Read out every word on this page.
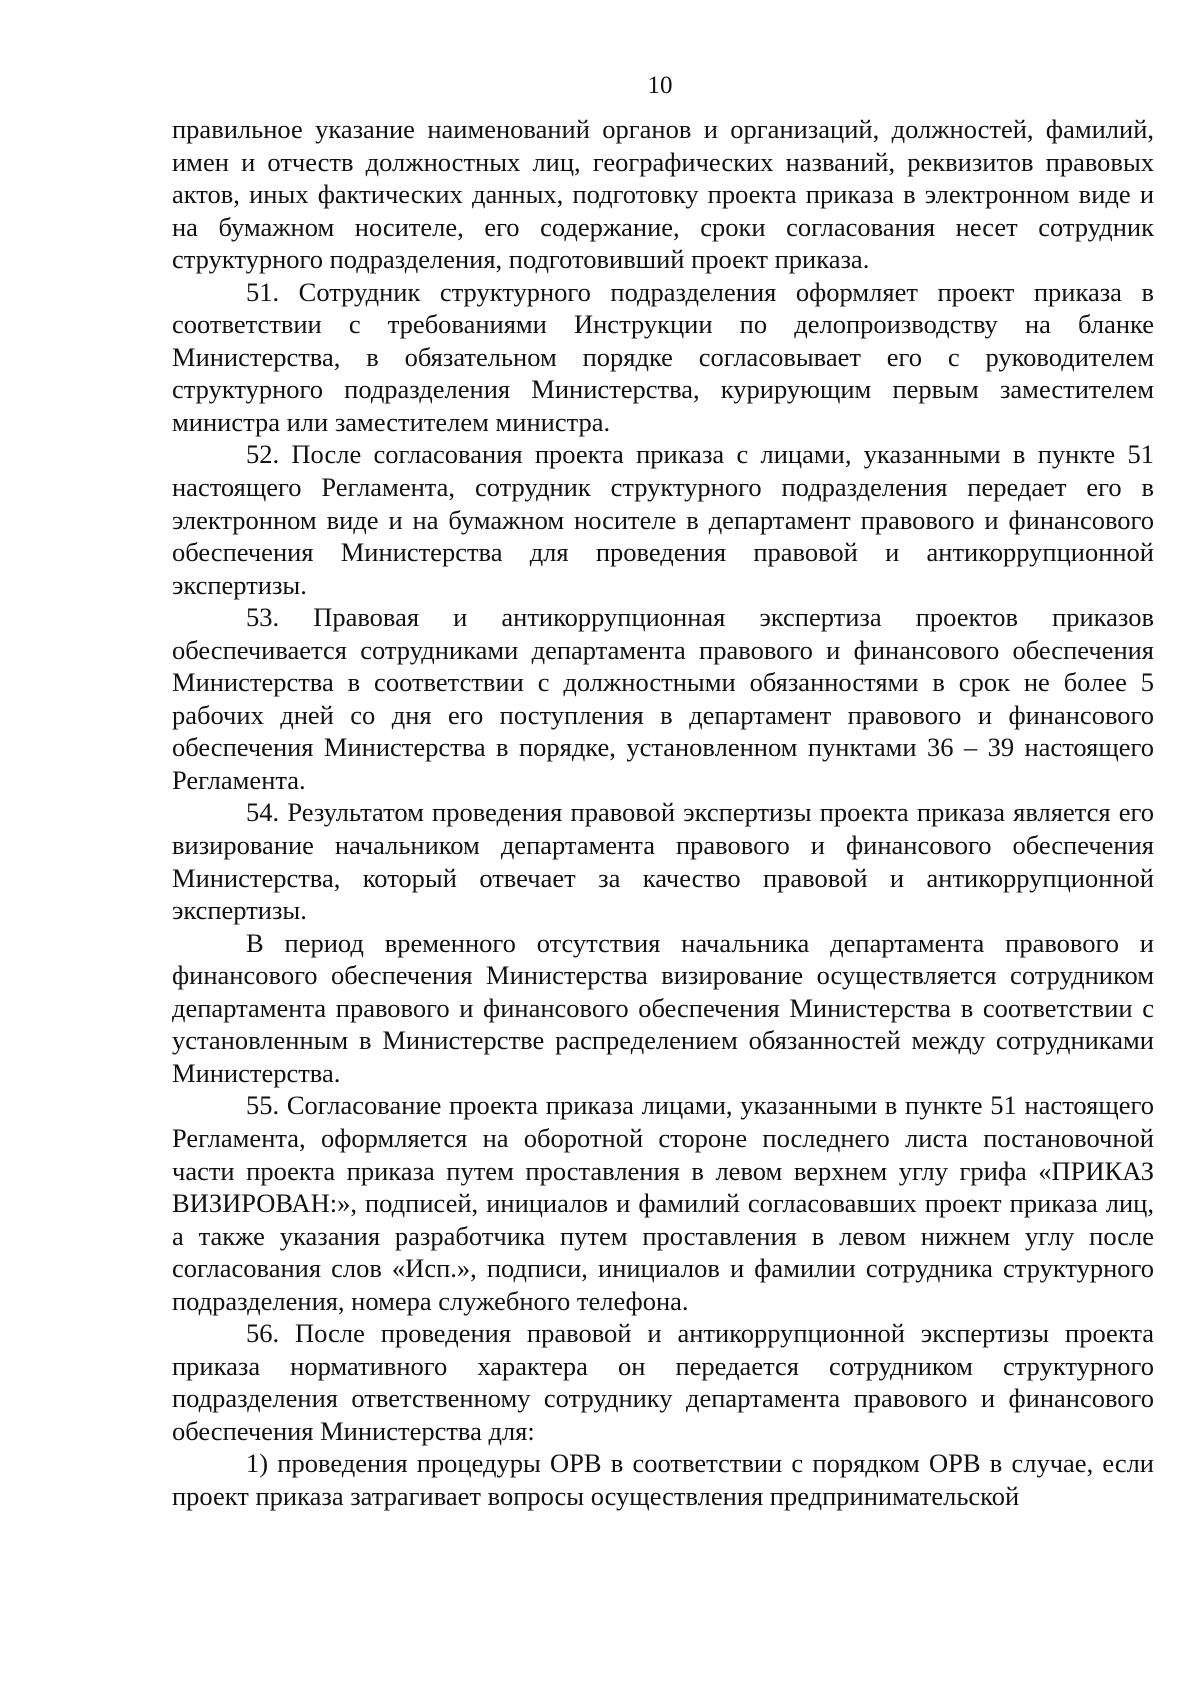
10

правильное указание наименований органов и организаций, должностей, фамилий, имен и отчеств должностных лиц, географических названий, реквизитов правовых актов, иных фактических данных, подготовку проекта приказа в электронном виде и на бумажном носителе, его содержание, сроки согласования несет сотрудник структурного подразделения, подготовивший проект приказа.

51. Сотрудник структурного подразделения оформляет проект приказа в соответствии с требованиями Инструкции по делопроизводству на бланке Министерства, в обязательном порядке согласовывает его с руководителем структурного подразделения Министерства, курирующим первым заместителем министра или заместителем министра.

52. После согласования проекта приказа с лицами, указанными в пункте 51 настоящего Регламента, сотрудник структурного подразделения передает его в электронном виде и на бумажном носителе в департамент правового и финансового обеспечения Министерства для проведения правовой и антикоррупционной экспертизы.

53. Правовая и антикоррупционная экспертиза проектов приказов обеспечивается сотрудниками департамента правового и финансового обеспечения Министерства в соответствии с должностными обязанностями в срок не более 5 рабочих дней со дня его поступления в департамент правового и финансового обеспечения Министерства в порядке, установленном пунктами 36 – 39 настоящего Регламента.

54. Результатом проведения правовой экспертизы проекта приказа является его визирование начальником департамента правового и финансового обеспечения Министерства, который отвечает за качество правовой и антикоррупционной экспертизы.

В период временного отсутствия начальника департамента правового и финансового обеспечения Министерства визирование осуществляется сотрудником департамента правового и финансового обеспечения Министерства в соответствии с установленным в Министерстве распределением обязанностей между сотрудниками Министерства.

55. Согласование проекта приказа лицами, указанными в пункте 51 настоящего Регламента, оформляется на оборотной стороне последнего листа постановочной части проекта приказа путем проставления в левом верхнем углу грифа «ПРИКАЗ ВИЗИРОВАН:», подписей, инициалов и фамилий согласовавших проект приказа лиц, а также указания разработчика путем проставления в левом нижнем углу после согласования слов «Исп.», подписи, инициалов и фамилии сотрудника структурного подразделения, номера служебного телефона.

56. После проведения правовой и антикоррупционной экспертизы проекта приказа нормативного характера он передается сотрудником структурного подразделения ответственному сотруднику департамента правового и финансового обеспечения Министерства для:

1) проведения процедуры ОРВ в соответствии с порядком ОРВ в случае, если проект приказа затрагивает вопросы осуществления предпринимательской
